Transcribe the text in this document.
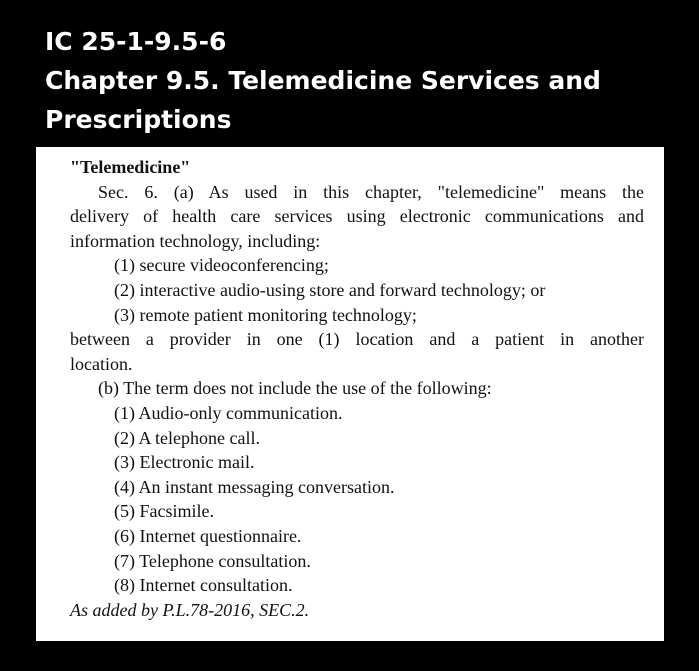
IC 25-1-9.5-6
Chapter 9.5. Telemedicine Services and
Prescriptions
"Telemedicine"
Sec. 6. (a) As used in this chapter, "telemedicine" means the
delivery of health care services using electronic communications and
information technology, including:
(1) secure videoconferencing;
(2) interactive audio-using store and forward technology; or
(3) remote patient monitoring technology;
between a provider in one (1) location and a patient in another
location.
(b) The term does not include the use of the following:
(1) Audio-only communication.
(2) A telephone call.
(3) Electronic mail.
(4) An instant messaging conversation.
(5) Facsimile.
(6) Internet questionnaire.
(7) Telephone consultation.
(8) Internet consultation.
As added by P.L.78-2016, SEC.2.
